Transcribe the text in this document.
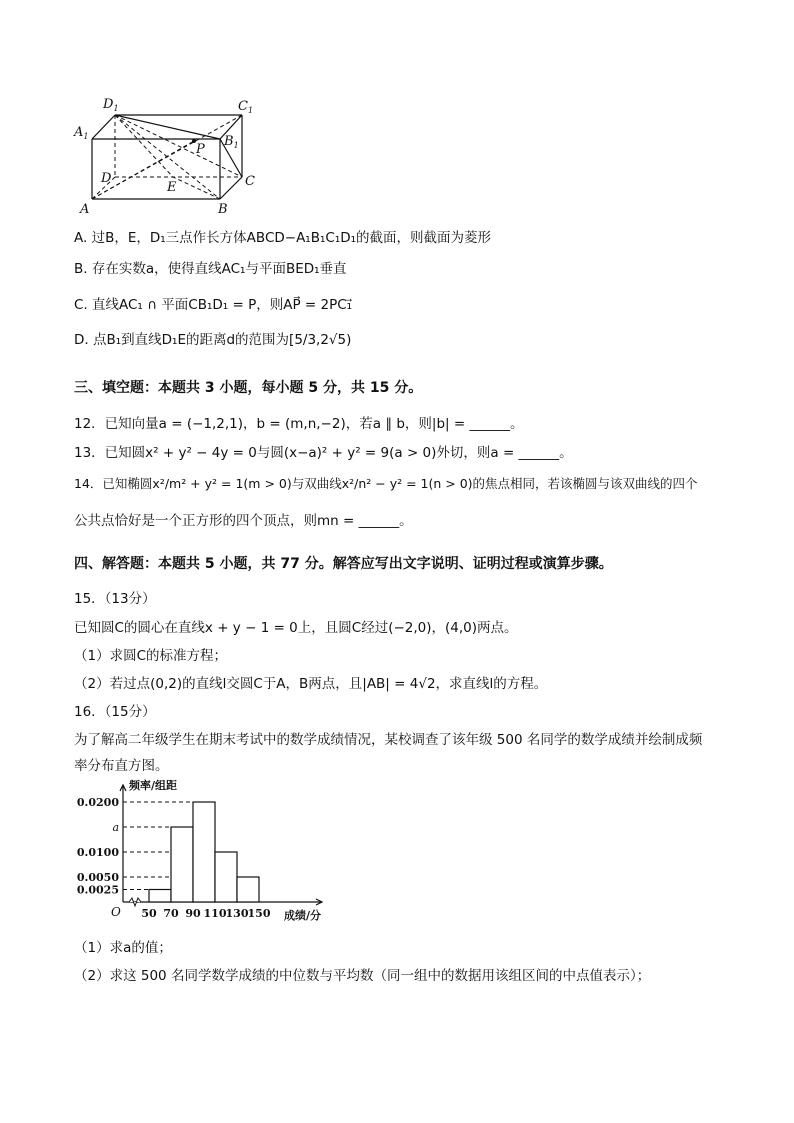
$D_1$	$C_1$
$A_1$	$B_1$
P
D
E	C
A	B
A. 过B，E，D₁三点作长方体ABCD−A₁B₁C₁D₁的截面，则截面为菱形
B. 存在实数a，使得直线AC₁与平面BED₁垂直
C. 直线AC₁ ∩ 平面CB₁D₁ = P，则AP⃗ = 2PC₁⃗
D. 点B₁到直线D₁E的距离d的范围为[5/3,2√5)
三、填空题：本题共 3 小题，每小题 5 分，共 15 分。
12．已知向量a = (−1,2,1)，b = (m,n,−2)，若a ∥ b，则|b| = ______。
13．已知圆x² + y² − 4y = 0与圆(x−a)² + y² = 9(a > 0)外切，则a = ______。
14．已知椭圆x²/m² + y² = 1(m > 0)与双曲线x²/n² − y² = 1(n > 0)的焦点相同，若该椭圆与该双曲线的四个
公共点恰好是一个正方形的四个顶点，则mn = ______。
四、解答题：本题共 5 小题，共 77 分。解答应写出文字说明、证明过程或演算步骤。
15．（13分）
已知圆C的圆心在直线x + y − 1 = 0上，且圆C经过(−2,0)，(4,0)两点。
（1）求圆C的标准方程；
（2）若过点(0,2)的直线l交圆C于A，B两点，且|AB| = 4√2，求直线l的方程。
16．（15分）
为了解高二年级学生在期末考试中的数学成绩情况，某校调查了该年级 500 名同学的数学成绩并绘制成频
率分布直方图。
0.0025
0.0050
0.0100
a
0.0200
50 70 90 110 130 150
O
频率/组距
成绩/分
（1）求a的值；
（2）求这 500 名同学数学成绩的中位数与平均数（同一组中的数据用该组区间的中点值表示）；
